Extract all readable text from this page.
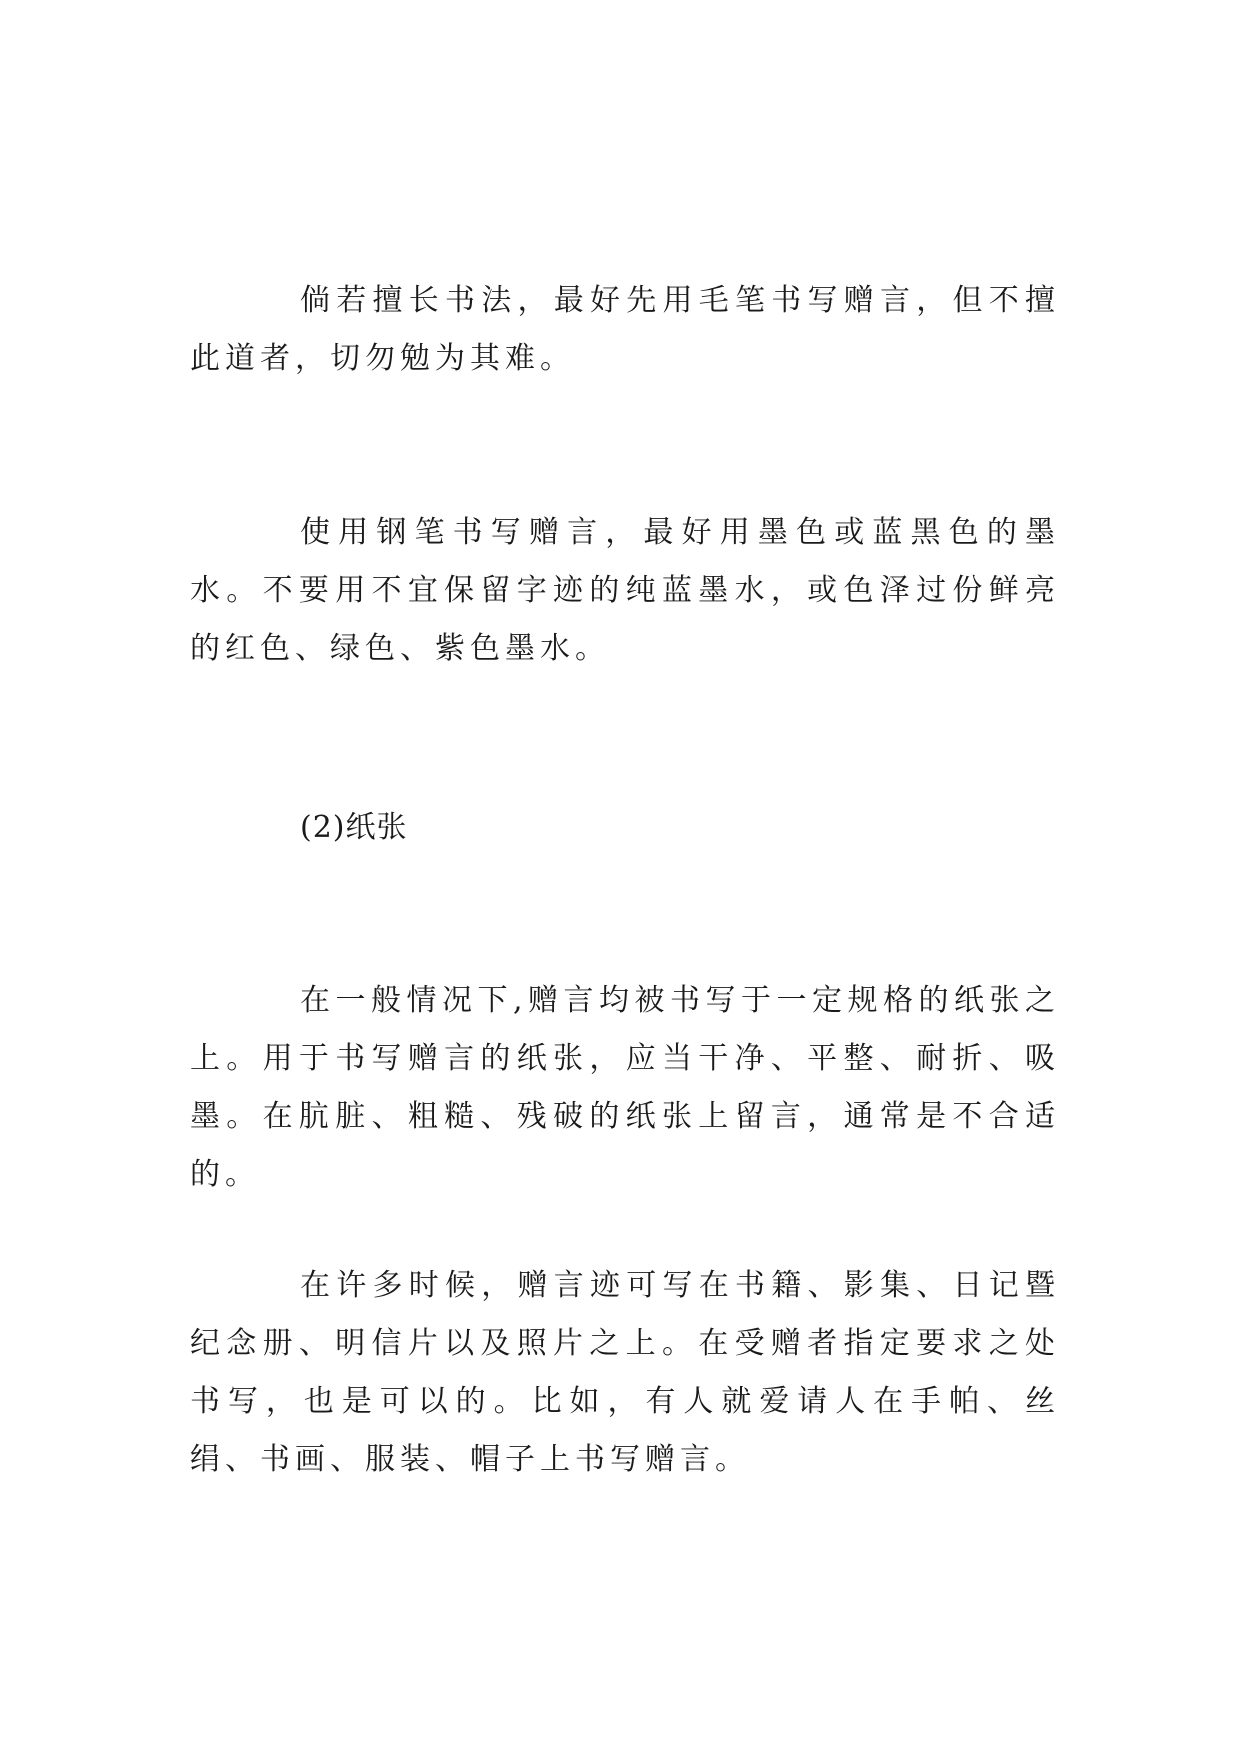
倘若擅长书法，最好先用毛笔书写赠言，但不擅此道者，切勿勉为其难。

使用钢笔书写赠言，最好用墨色或蓝黑色的墨水。不要用不宜保留字迹的纯蓝墨水，或色泽过份鲜亮的红色、绿色、紫色墨水。

(2)纸张

在一般情况下,赠言均被书写于一定规格的纸张之上。用于书写赠言的纸张，应当干净、平整、耐折、吸墨。在肮脏、粗糙、残破的纸张上留言，通常是不合适的。

在许多时候，赠言迹可写在书籍、影集、日记暨纪念册、明信片以及照片之上。在受赠者指定要求之处书写，也是可以的。比如，有人就爱请人在手帕、丝绢、书画、服装、帽子上书写赠言。
